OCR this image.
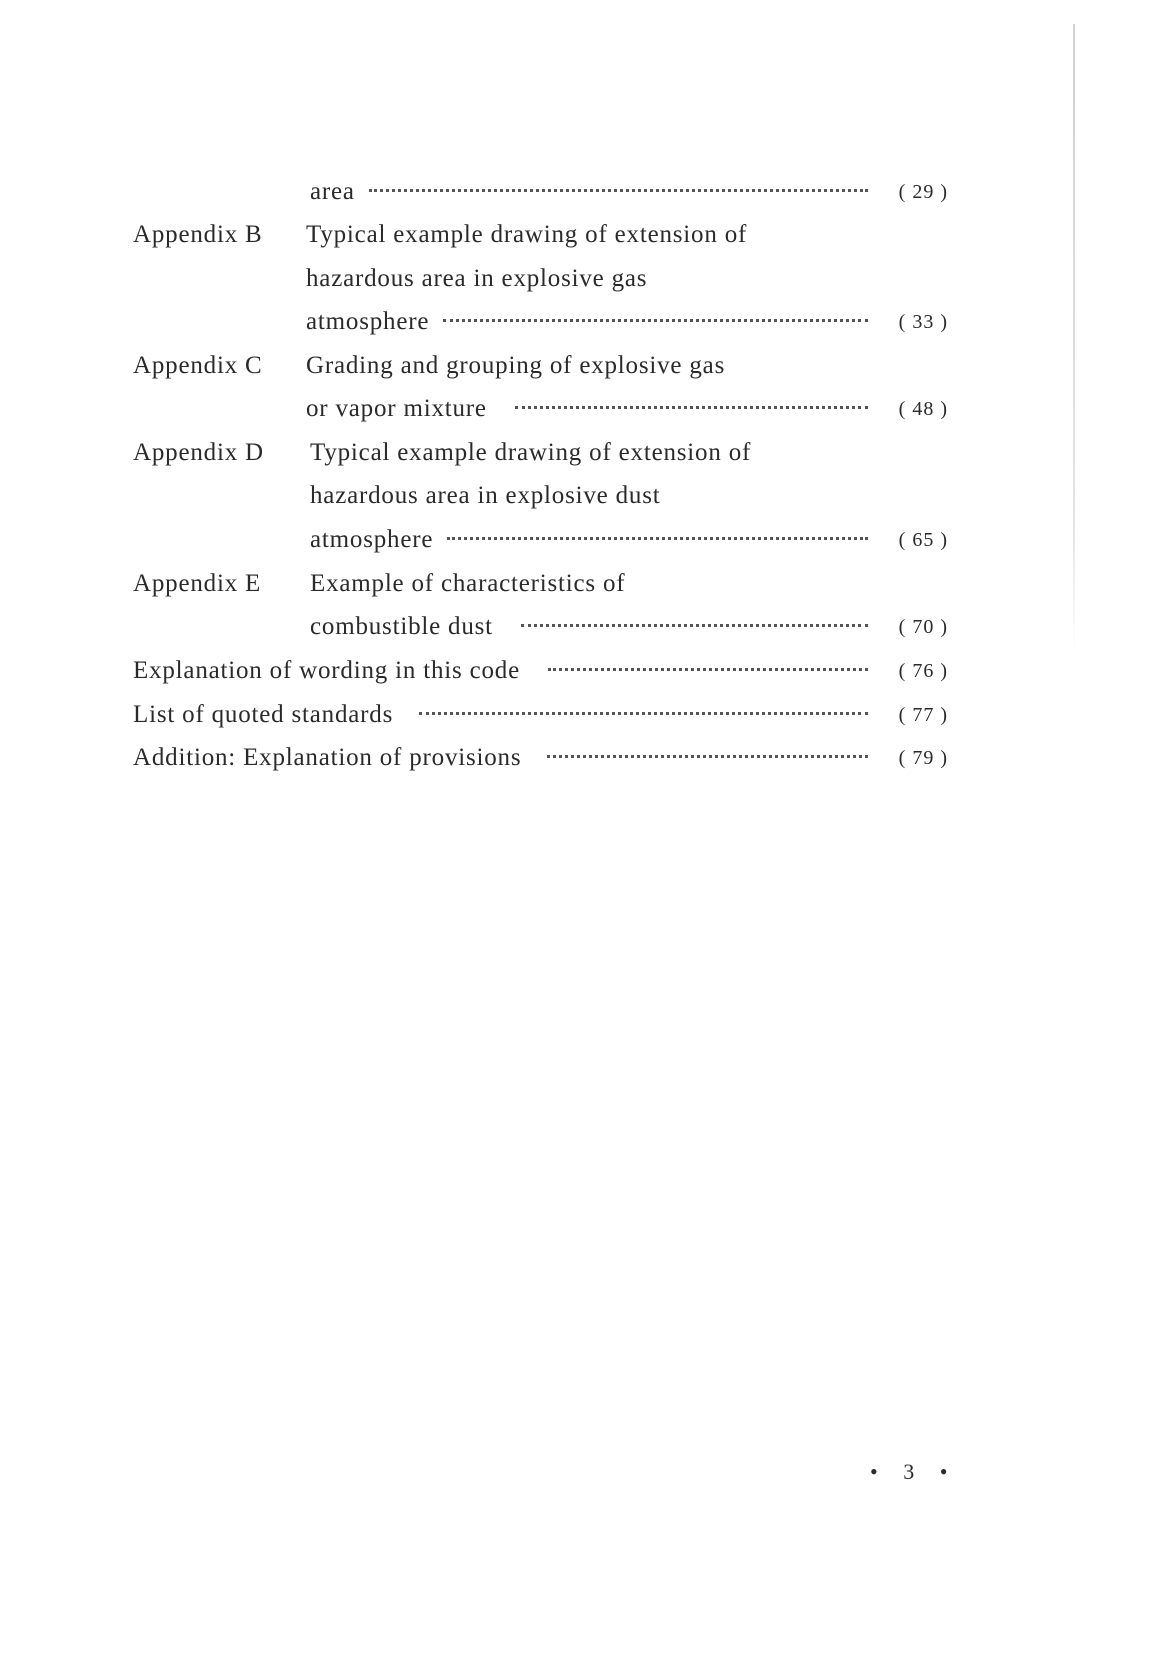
area	( 29 )
Appendix B Typical example drawing of extension of
hazardous area in explosive gas
atmosphere	( 33 )
Appendix C Grading and grouping of explosive gas
or vapor mixture	( 48 )
Appendix D Typical example drawing of extension of
hazardous area in explosive dust
atmosphere	( 65 )
Appendix E Example of characteristics of
combustible dust	( 70 )
Explanation of wording in this code	( 76 )
List of quoted standards	( 77 )
Addition: Explanation of provisions	( 79 )
• 3 •
